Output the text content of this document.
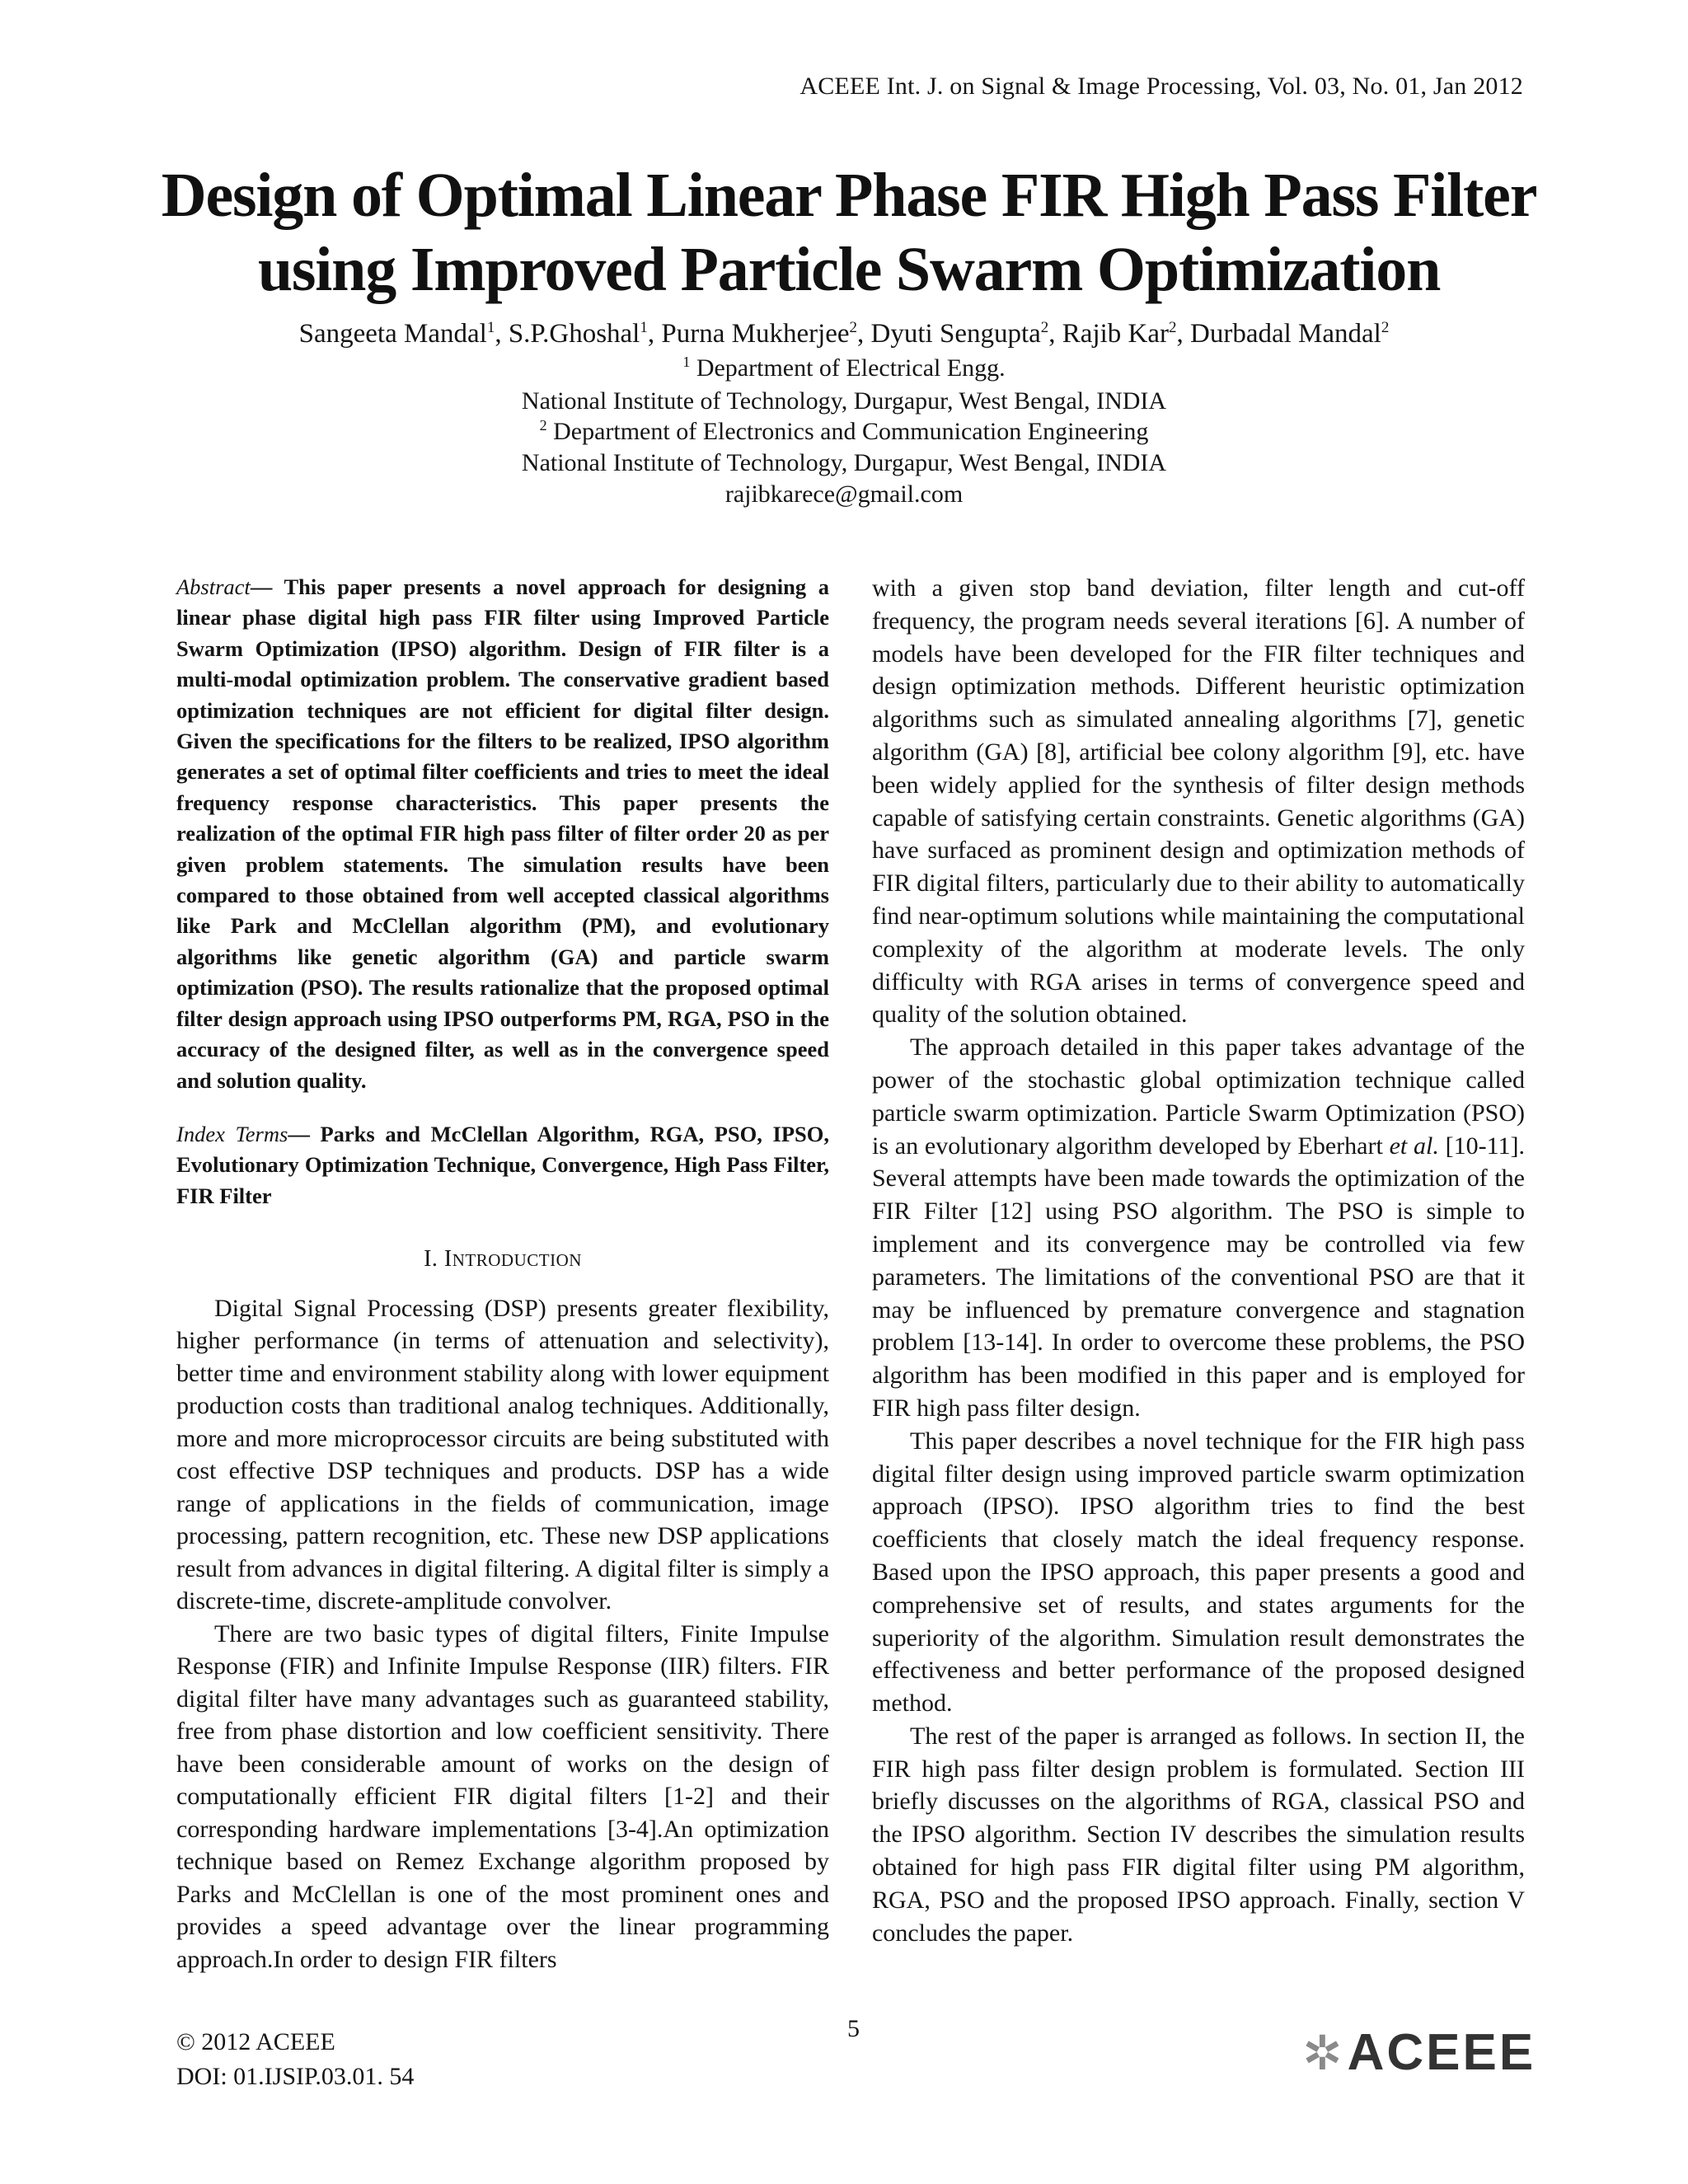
ACEEE Int. J. on Signal & Image Processing, Vol. 03, No. 01, Jan 2012
Design of Optimal Linear Phase FIR High Pass Filter
using Improved Particle Swarm Optimization
Sangeeta Mandal$^1$, S.P.Ghoshal$^1$, Purna Mukherjee$^2$, Dyuti Sengupta$^2$, Rajib Kar$^2$, Durbadal Mandal$^2$
$^1$ Department of Electrical Engg.
National Institute of Technology, Durgapur, West Bengal, INDIA
$^2$ Department of Electronics and Communication Engineering
National Institute of Technology, Durgapur, West Bengal, INDIA
rajibkarece@gmail.com

Abstract— This paper presents a novel approach for designing a linear phase digital high pass FIR filter using Improved Particle Swarm Optimization (IPSO) algorithm. Design of FIR filter is a multi-modal optimization problem. The conservative gradient based optimization techniques are not efficient for digital filter design. Given the specifications for the filters to be realized, IPSO algorithm generates a set of optimal filter coefficients and tries to meet the ideal frequency response characteristics. This paper presents the realization of the optimal FIR high pass filter of filter order 20 as per given problem statements. The simulation results have been compared to those obtained from well accepted classical algorithms like Park and McClellan algorithm (PM), and evolutionary algorithms like genetic algorithm (GA) and particle swarm optimization (PSO). The results rationalize that the proposed optimal filter design approach using IPSO outperforms PM, RGA, PSO in the accuracy of the designed filter, as well as in the convergence speed and solution quality.

Index Terms— Parks and McClellan Algorithm, RGA, PSO, IPSO, Evolutionary Optimization Technique, Convergence, High Pass Filter, FIR Filter

I. INTRODUCTION

Digital Signal Processing (DSP) presents greater flexibility, higher performance (in terms of attenuation and selectivity), better time and environment stability along with lower equipment production costs than traditional analog techniques. Additionally, more and more microprocessor circuits are being substituted with cost effective DSP techniques and products. DSP has a wide range of applications in the fields of communication, image processing, pattern recognition, etc. These new DSP applications result from advances in digital filtering. A digital filter is simply a discrete-time, discrete-amplitude convolver.

There are two basic types of digital filters, Finite Impulse Response (FIR) and Infinite Impulse Response (IIR) filters. FIR digital filter have many advantages such as guaranteed stability, free from phase distortion and low coefficient sensitivity. There have been considerable amount of works on the design of computationally efficient FIR digital filters [1-2] and their corresponding hardware implementations [3-4].An optimization technique based on Remez Exchange algorithm proposed by Parks and McClellan is one of the most prominent ones and provides a speed advantage over the linear programming approach.In order to design FIR filters

with a given stop band deviation, filter length and cut-off frequency, the program needs several iterations [6]. A number of models have been developed for the FIR filter techniques and design optimization methods. Different heuristic optimization algorithms such as simulated annealing algorithms [7], genetic algorithm (GA) [8], artificial bee colony algorithm [9], etc. have been widely applied for the synthesis of filter design methods capable of satisfying certain constraints. Genetic algorithms (GA) have surfaced as prominent design and optimization methods of FIR digital filters, particularly due to their ability to automatically find near-optimum solutions while maintaining the computational complexity of the algorithm at moderate levels. The only difficulty with RGA arises in terms of convergence speed and quality of the solution obtained.

The approach detailed in this paper takes advantage of the power of the stochastic global optimization technique called particle swarm optimization. Particle Swarm Optimization (PSO) is an evolutionary algorithm developed by Eberhart et al. [10-11]. Several attempts have been made towards the optimization of the FIR Filter [12] using PSO algorithm. The PSO is simple to implement and its convergence may be controlled via few parameters. The limitations of the conventional PSO are that it may be influenced by premature convergence and stagnation problem [13-14]. In order to overcome these problems, the PSO algorithm has been modified in this paper and is employed for FIR high pass filter design.

This paper describes a novel technique for the FIR high pass digital filter design using improved particle swarm optimization approach (IPSO). IPSO algorithm tries to find the best coefficients that closely match the ideal frequency response. Based upon the IPSO approach, this paper presents a good and comprehensive set of results, and states arguments for the superiority of the algorithm. Simulation result demonstrates the effectiveness and better performance of the proposed designed method.

The rest of the paper is arranged as follows. In section II, the FIR high pass filter design problem is formulated. Section III briefly discusses on the algorithms of RGA, classical PSO and the IPSO algorithm. Section IV describes the simulation results obtained for high pass FIR digital filter using PM algorithm, RGA, PSO and the proposed IPSO approach. Finally, section V concludes the paper.

5
© 2012 ACEEE
DOI: 01.IJSIP.03.01. 54	✲ ACEEE
